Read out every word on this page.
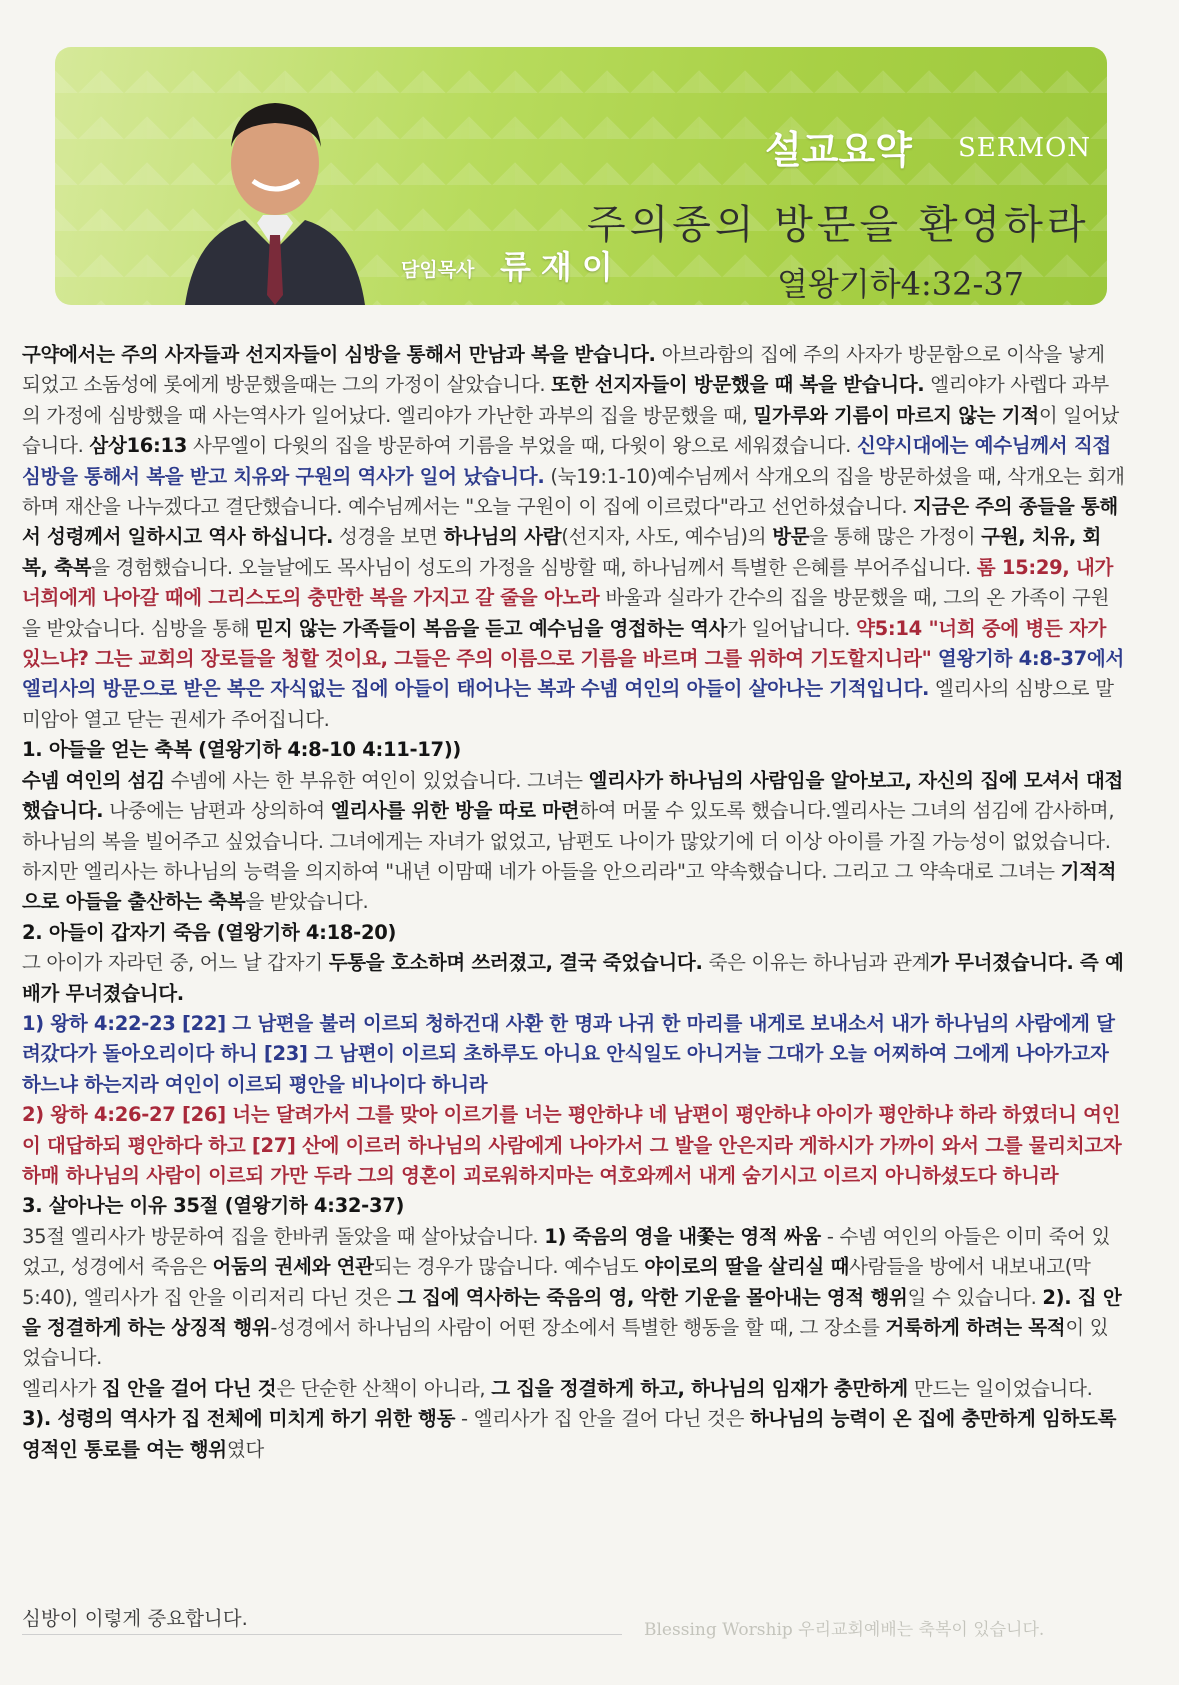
담임목사 류재이
설교요약 SERMON
주의종의 방문을 환영하라
열왕기하4:32-37

구약에서는 주의 사자들과 선지자들이 심방을 통해서 만남과 복을 받습니다. 아브라함의 집에 주의 사자가 방문함으로 이삭을 낳게 되었고 소돔성에 롯에게 방문했을때는 그의 가정이 살았습니다. 또한 선지자들이 방문했을 때 복을 받습니다. 엘리야가 사렙다 과부의 가정에 심방했을 때 사는역사가 일어났다. 엘리야가 가난한 과부의 집을 방문했을 때, 밀가루와 기름이 마르지 않는 기적이 일어났습니다. 삼상16:13 사무엘이 다윗의 집을 방문하여 기름을 부었을 때, 다윗이 왕으로 세워졌습니다. 신약시대에는 예수님께서 직접 심방을 통해서 복을 받고 치유와 구원의 역사가 일어 났습니다. (눅19:1-10)예수님께서 삭개오의 집을 방문하셨을 때, 삭개오는 회개하며 재산을 나누겠다고 결단했습니다. 예수님께서는 "오늘 구원이 이 집에 이르렀다"라고 선언하셨습니다. 지금은 주의 종들을 통해서 성령께서 일하시고 역사 하십니다. 성경을 보면 하나님의 사람(선지자, 사도, 예수님)의 방문을 통해 많은 가정이 구원, 치유, 회복, 축복을 경험했습니다. 오늘날에도 목사님이 성도의 가정을 심방할 때, 하나님께서 특별한 은혜를 부어주십니다. 롬 15:29, 내가 너희에게 나아갈 때에 그리스도의 충만한 복을 가지고 갈 줄을 아노라 바울과 실라가 간수의 집을 방문했을 때, 그의 온 가족이 구원을 받았습니다. 심방을 통해 믿지 않는 가족들이 복음을 듣고 예수님을 영접하는 역사가 일어납니다. 약5:14 "너희 중에 병든 자가 있느냐? 그는 교회의 장로들을 청할 것이요, 그들은 주의 이름으로 기름을 바르며 그를 위하여 기도할지니라" 열왕기하 4:8-37에서 엘리사의 방문으로 받은 복은 자식없는 집에 아들이 태어나는 복과 수넴 여인의 아들이 살아나는 기적입니다. 엘리사의 심방으로 말미암아 열고 닫는 권세가 주어집니다.

1. 아들을 얻는 축복 (열왕기하 4:8-10 4:11-17))

수넴 여인의 섬김 수넴에 사는 한 부유한 여인이 있었습니다. 그녀는 엘리사가 하나님의 사람임을 알아보고, 자신의 집에 모셔서 대접했습니다. 나중에는 남편과 상의하여 엘리사를 위한 방을 따로 마련하여 머물 수 있도록 했습니다.엘리사는 그녀의 섬김에 감사하며, 하나님의 복을 빌어주고 싶었습니다. 그녀에게는 자녀가 없었고, 남편도 나이가 많았기에 더 이상 아이를 가질 가능성이 없었습니다. 하지만 엘리사는 하나님의 능력을 의지하여 "내년 이맘때 네가 아들을 안으리라"고 약속했습니다. 그리고 그 약속대로 그녀는 기적적으로 아들을 출산하는 축복을 받았습니다.

2. 아들이 갑자기 죽음 (열왕기하 4:18-20)

그 아이가 자라던 중, 어느 날 갑자기 두통을 호소하며 쓰러졌고, 결국 죽었습니다. 죽은 이유는 하나님과 관계가 무너졌습니다. 즉 예배가 무너졌습니다.

1) 왕하 4:22-23 [22] 그 남편을 불러 이르되 청하건대 사환 한 명과 나귀 한 마리를 내게로 보내소서 내가 하나님의 사람에게 달려갔다가 돌아오리이다 하니 [23] 그 남편이 이르되 초하루도 아니요 안식일도 아니거늘 그대가 오늘 어찌하여 그에게 나아가고자 하느냐 하는지라 여인이 이르되 평안을 비나이다 하니라

2) 왕하 4:26-27 [26] 너는 달려가서 그를 맞아 이르기를 너는 평안하냐 네 남편이 평안하냐 아이가 평안하냐 하라 하였더니 여인이 대답하되 평안하다 하고 [27] 산에 이르러 하나님의 사람에게 나아가서 그 발을 안은지라 게하시가 가까이 와서 그를 물리치고자 하매 하나님의 사람이 이르되 가만 두라 그의 영혼이 괴로워하지마는 여호와께서 내게 숨기시고 이르지 아니하셨도다 하니라

3. 살아나는 이유 35절 (열왕기하 4:32-37)

35절 엘리사가 방문하여 집을 한바퀴 돌았을 때 살아났습니다. 1) 죽음의 영을 내쫓는 영적 싸움 - 수넴 여인의 아들은 이미 죽어 있었고, 성경에서 죽음은 어둠의 권세와 연관되는 경우가 많습니다. 예수님도 야이로의 딸을 살리실 때사람들을 방에서 내보내고(막 5:40), 엘리사가 집 안을 이리저리 다닌 것은 그 집에 역사하는 죽음의 영, 악한 기운을 몰아내는 영적 행위일 수 있습니다. 2). 집 안을 정결하게 하는 상징적 행위-성경에서 하나님의 사람이 어떤 장소에서 특별한 행동을 할 때, 그 장소를 거룩하게 하려는 목적이 있었습니다.

엘리사가 집 안을 걸어 다닌 것은 단순한 산책이 아니라, 그 집을 정결하게 하고, 하나님의 임재가 충만하게 만드는 일이었습니다. 3). 성령의 역사가 집 전체에 미치게 하기 위한 행동 - 엘리사가 집 안을 걸어 다닌 것은 하나님의 능력이 온 집에 충만하게 임하도록 영적인 통로를 여는 행위였다

심방이 이렇게 중요합니다.	Blessing Worship 우리교회예배는 축복이 있습니다.
